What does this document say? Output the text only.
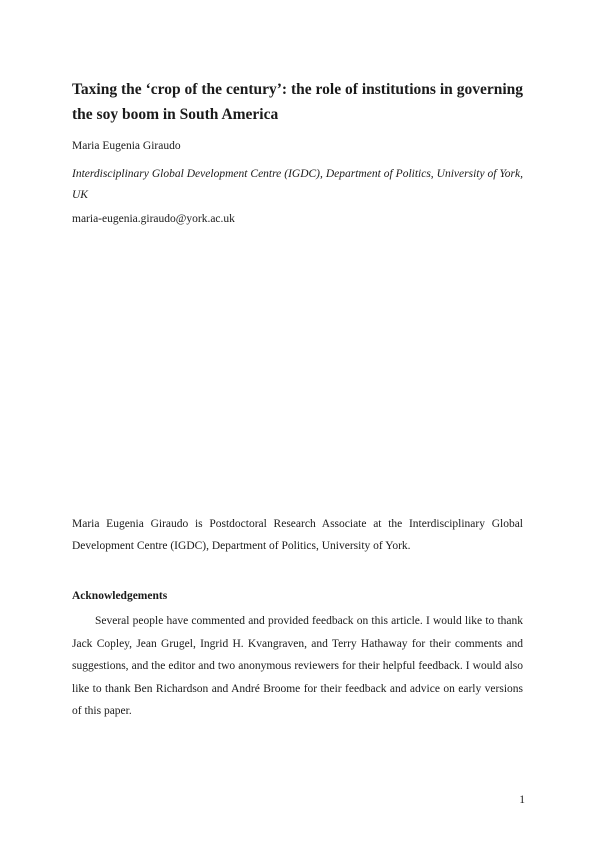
Taxing the ‘crop of the century’: the role of institutions in governing the soy boom in South America

Maria Eugenia Giraudo

Interdisciplinary Global Development Centre (IGDC), Department of Politics, University of York, UK

maria-eugenia.giraudo@york.ac.uk

Maria Eugenia Giraudo is Postdoctoral Research Associate at the Interdisciplinary Global Development Centre (IGDC), Department of Politics, University of York.

Acknowledgements

Several people have commented and provided feedback on this article. I would like to thank Jack Copley, Jean Grugel, Ingrid H. Kvangraven, and Terry Hathaway for their comments and suggestions, and the editor and two anonymous reviewers for their helpful feedback. I would also like to thank Ben Richardson and André Broome for their feedback and advice on early versions of this paper.

1
